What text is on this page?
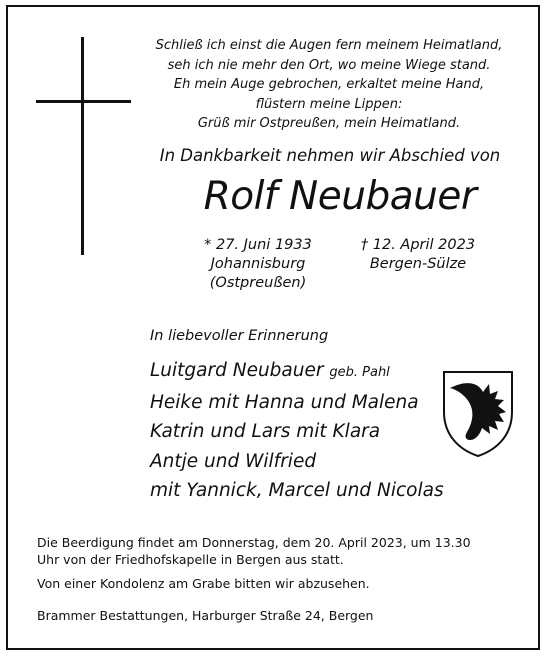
Schließ ich einst die Augen fern meinem Heimatland,
seh ich nie mehr den Ort, wo meine Wiege stand.
Eh mein Auge gebrochen, erkaltet meine Hand,
flüstern meine Lippen:
Grüß mir Ostpreußen, mein Heimatland.
In Dankbarkeit nehmen wir Abschied von
Rolf Neubauer
* 27. Juni 1933
Johannisburg
(Ostpreußen)
† 12. April 2023
Bergen-Sülze
In liebevoller Erinnerung
Luitgard Neubauer geb. Pahl
Heike mit Hanna und Malena
Katrin und Lars mit Klara
Antje und Wilfried
mit Yannick, Marcel und Nicolas
Die Beerdigung findet am Donnerstag, dem 20. April 2023, um 13.30
Uhr von der Friedhofskapelle in Bergen aus statt.
Von einer Kondolenz am Grabe bitten wir abzusehen.
Brammer Bestattungen, Harburger Straße 24, Bergen
